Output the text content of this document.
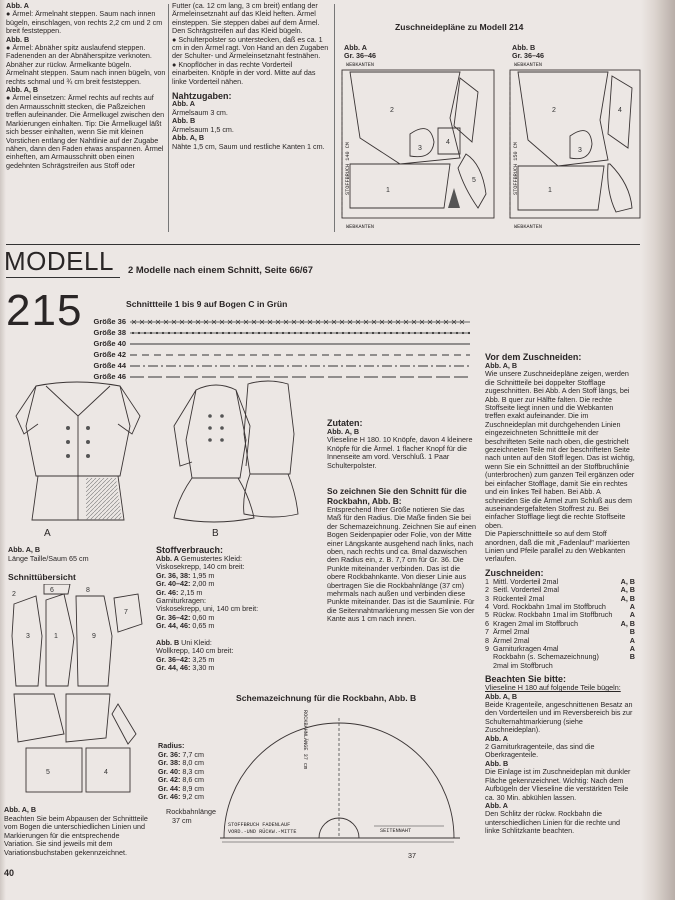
Abb. A
● Ärmel: Ärmelnaht steppen. Saum nach innen bügeln, einschlagen, von rechts 2,2 cm und 2 cm breit feststeppen.
Abb. B
● Ärmel: Abnäher spitz auslaufend steppen. Fadenenden an der Abnäherspitze verknoten. Abnäher zur rückw. Ärmelkante bügeln. Ärmelnaht steppen. Saum nach innen bügeln, von rechts schmal und ¾ cm breit feststeppen.
Abb. A, B
● Ärmel einsetzen: Ärmel rechts auf rechts auf den Armausschnitt stecken, die Paßzeichen treffen aufeinander. Die Ärmelkugel zwischen den Markierungen einhalten. Tip: Die Ärmelkugel läßt sich besser einhalten, wenn Sie mit kleinen Vorstichen entlang der Nahtlinie auf der Zugabe nähen, dann den Faden etwas anspannen. Ärmel einheften, am Armausschnitt oben einen gedehnten Schrägstreifen aus Stoff oder
Futter (ca. 12 cm lang, 3 cm breit) entlang der Ärmeleinsetznaht auf das Kleid heften. Ärmel einsteppen. Sie steppen dabei auf dem Ärmel. Den Schrägstreifen auf das Kleid bügeln.
● Schulterpolster so unterstecken, daß es ca. 1 cm in den Ärmel ragt. Von Hand an den Zugaben der Schulter- und Ärmeleinsetznaht festnähen.
● Knopflöcher in das rechte Vorderteil einarbeiten. Knöpfe in der vord. Mitte auf das linke Vorderteil nähen.
Nahtzugaben:
Abb. A
Ärmelsaum 3 cm.
Abb. B
Ärmelsaum 1,5 cm.
Abb. A, B
Nähte 1,5 cm, Saum und restliche Kanten 1 cm.
Zuschneidepläne zu Modell 214
Abb. A
Gr. 36–46
WEBKANTEN
2
1
3
4
5
STOFFBRUCH 140 CM
WEBKANTEN
Abb. B
Gr. 36–46
WEBKANTEN
2
1
3
4
STOFFBRUCH 150 CM
WEBKANTEN
MODELL
215
2 Modelle nach einem Schnitt, Seite 66/67
Schnittteile 1 bis 9 auf Bogen C in Grün
Größe 36
Größe 38
Größe 40
Größe 42
Größe 44
Größe 46
A	B
Abb. A, B
Länge Taille/Saum 65 cm
Schnittübersicht
2
6	8
3	1	9
7
5	4
Abb. A, B
Beachten Sie beim Abpausen der Schnittteile vom Bogen die unterschiedlichen Linien und Markierungen für die entsprechende Variation. Sie sind jeweils mit dem Variationsbuchstaben gekennzeichnet.
40
Stoffverbrauch:
Abb. A Gemustertes Kleid:
Viskosekrepp, 140 cm breit:
Gr. 36, 38: 1,95 m
Gr. 40–42: 2,00 m
Gr. 46: 2,15 m
Garniturkragen:
Viskosekrepp, uni, 140 cm breit:
Gr. 36–42: 0,60 m
Gr. 44, 46: 0,65 m
Abb. B Uni Kleid:
Wollkrepp, 140 cm breit:
Gr. 36–42: 3,25 m
Gr. 44, 46: 3,30 m
Zutaten:
Abb. A, B
Vlieseline H 180. 10 Knöpfe, davon 4 kleinere Knöpfe für die Ärmel. 1 flacher Knopf für die Innenseite am vord. Verschluß. 1 Paar Schulterpolster.
So zeichnen Sie den Schnitt für die Rockbahn, Abb. B:
Entsprechend Ihrer Größe notieren Sie das Maß für den Radius. Die Maße finden Sie bei der Schemazeichnung. Zeichnen Sie auf einen Bogen Seidenpapier oder Folie, von der Mitte einer Längskante ausgehend nach links, nach oben, nach rechts und ca. 8mal dazwischen den Radius ein, z. B. 7,7 cm für Gr. 36. Die Punkte miteinander verbinden. Das ist die obere Rockbahnkante. Von dieser Linie aus übertragen Sie die Rockbahnlänge (37 cm) mehrmals nach außen und verbinden diese Punkte miteinander. Das ist die Saumlinie. Für die Seitennahtmarkierung messen Sie von der Kante aus 1 cm nach innen.
Schemazeichnung für die Rockbahn, Abb. B
Radius:
Gr. 36: 7,7 cm
Gr. 38: 8,0 cm
Gr. 40: 8,3 cm
Gr. 42: 8,6 cm
Gr. 44: 8,9 cm
Gr. 46: 9,2 cm
Rockbahnlänge
37 cm
ROCKBAHNLÄNGE 37 cm
STOFFBRUCH FADENLAUF
VORD.-UND RÜCKW.-MITTE	SEITENNAHT
37
Vor dem Zuschneiden:
Abb. A, B
Wie unsere Zuschneidepläne zeigen, werden die Schnittteile bei doppelter Stofflage zugeschnitten. Bei Abb. A den Stoff längs, bei Abb. B quer zur Hälfte falten. Die rechte Stoffseite liegt innen und die Webkanten treffen exakt aufeinander. Die im Zuschneideplan mit durchgehenden Linien eingezeichneten Schnittteile mit der beschrifteten Seite nach oben, die gestrichelt gezeichneten Teile mit der beschrifteten Seite nach unten auf den Stoff legen. Das ist wichtig, wenn Sie ein Schnittteil an der Stoffbruchlinie (unterbrochen) zum ganzen Teil ergänzen oder bei einfacher Stofflage, damit Sie ein rechtes und ein linkes Teil haben. Bei Abb. A schneiden Sie die Ärmel zum Schluß aus dem auseinandergefalteten Stoffrest zu. Bei einfacher Stofflage liegt die rechte Stoffseite oben.
Die Papierschnittteile so auf dem Stoff anordnen, daß die mit „Fadenlauf" markierten Linien und Pfeile parallel zu den Webkanten verlaufen.
Zuschneiden:
1 Mittl. Vorderteil 2mal	A, B
2 Seitl. Vorderteil 2mal	A, B
3 Rückenteil 2mal	A, B
4 Vord. Rockbahn 1mal im Stoffbruch	A
5 Rückw. Rockbahn 1mal im Stoffbruch	A
6 Kragen 2mal im Stoffbruch	A, B
7 Ärmel 2mal	B
8 Ärmel 2mal	A
9 Garniturkragen 4mal	A
Rockbahn (s. Schemazeichnung) 2mal im Stoffbruch
B
Beachten Sie bitte:
Vlieseline H 180 auf folgende Teile bügeln:
Abb. A, B
Beide Kragenteile, angeschnittenen Besatz an den Vorderteilen und im Reversbereich bis zur Schulternahtmarkierung (siehe Zuschneideplan).
Abb. A
2 Garniturkragenteile, das sind die Oberkragenteile.
Abb. B
Die Einlage ist im Zuschneideplan mit dunkler Fläche gekennzeichnet. Wichtig: Nach dem Aufbügeln der Vlieseline die verstärkten Teile ca. 30 Min. abkühlen lassen.
Abb. A
Den Schlitz der rückw. Rockbahn die unterschiedlichen Linien für die rechte und linke Schlitzkante beachten.
